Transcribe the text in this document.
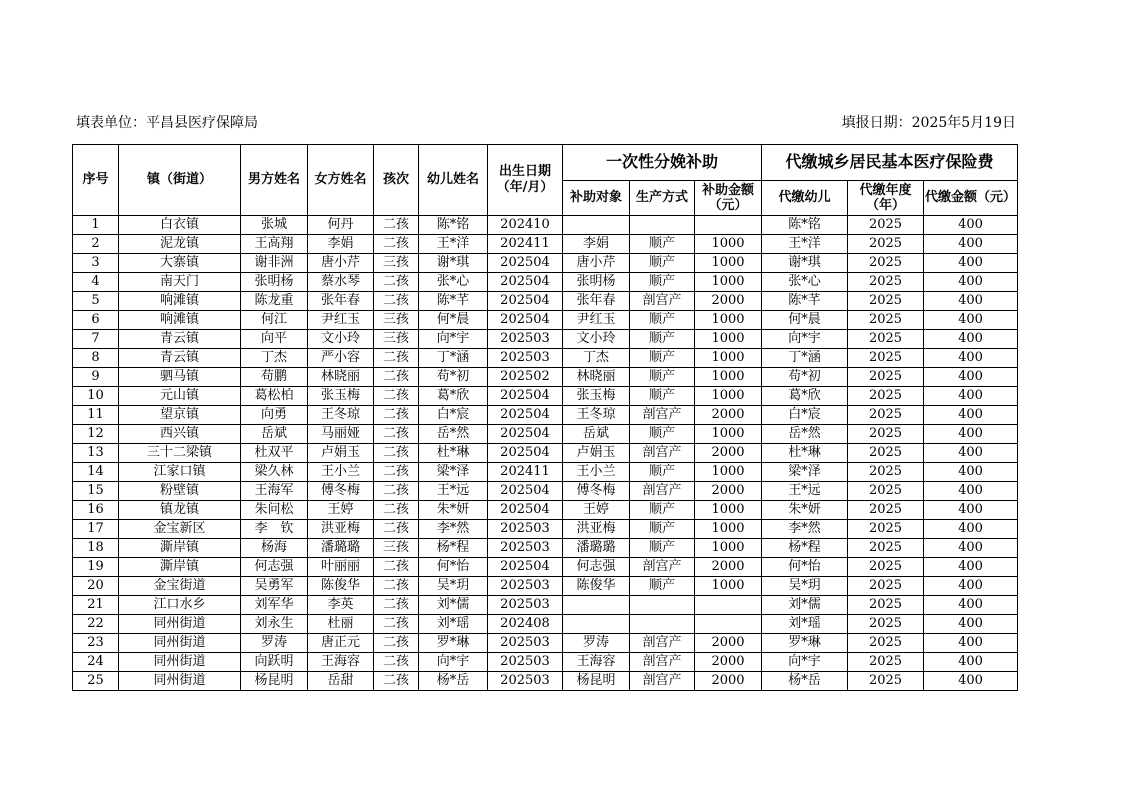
填表单位：平昌县医疗保障局	填报日期：2025年5月19日
序号	镇（街道）	男方姓名	女方姓名	孩次	幼儿姓名	出生日期（年/月）	一次性分娩补助			代缴城乡居民基本医疗保险费		
							补助对象	生产方式	补助金额（元）	代缴幼儿	代缴年度（年）	代缴金额（元）
1	白衣镇	张城	何丹	二孩	陈*铭	202410				陈*铭	2025	400
2	泥龙镇	王高翔	李娟	二孩	王*洋	202411	李娟	顺产	1000	王*洋	2025	400
3	大寨镇	谢非洲	唐小芹	三孩	谢*琪	202504	唐小芹	顺产	1000	谢*琪	2025	400
4	南天门	张明杨	蔡水琴	二孩	张*心	202504	张明杨	顺产	1000	张*心	2025	400
5	响滩镇	陈龙重	张年春	二孩	陈*芊	202504	张年春	剖宫产	2000	陈*芊	2025	400
6	响滩镇	何江	尹红玉	三孩	何*晨	202504	尹红玉	顺产	1000	何*晨	2025	400
7	青云镇	向平	文小玲	三孩	向*宇	202503	文小玲	顺产	1000	向*宇	2025	400
8	青云镇	丁杰	严小容	二孩	丁*涵	202503	丁杰	顺产	1000	丁*涵	2025	400
9	驷马镇	苟鹏	林晓丽	二孩	苟*初	202502	林晓丽	顺产	1000	苟*初	2025	400
10	元山镇	葛松柏	张玉梅	二孩	葛*欣	202504	张玉梅	顺产	1000	葛*欣	2025	400
11	望京镇	向勇	王冬琼	二孩	白*宸	202504	王冬琼	剖宫产	2000	白*宸	2025	400
12	西兴镇	岳斌	马丽娅	二孩	岳*然	202504	岳斌	顺产	1000	岳*然	2025	400
13	三十二梁镇	杜双平	卢娟玉	二孩	杜*琳	202504	卢娟玉	剖宫产	2000	杜*琳	2025	400
14	江家口镇	梁久林	王小兰	二孩	梁*泽	202411	王小兰	顺产	1000	梁*泽	2025	400
15	粉壁镇	王海军	傅冬梅	二孩	王*远	202504	傅冬梅	剖宫产	2000	王*远	2025	400
16	镇龙镇	朱问松	王婷	二孩	朱*妍	202504	王婷	顺产	1000	朱*妍	2025	400
17	金宝新区	李　钦	洪亚梅	二孩	李*然	202503	洪亚梅	顺产	1000	李*然	2025	400
18	澌岸镇	杨海	潘璐璐	三孩	杨*程	202503	潘璐璐	顺产	1000	杨*程	2025	400
19	澌岸镇	何志强	叶丽丽	二孩	何*怡	202504	何志强	剖宫产	2000	何*怡	2025	400
20	金宝街道	吴勇军	陈俊华	二孩	吴*玥	202503	陈俊华	顺产	1000	吴*玥	2025	400
21	江口水乡	刘军华	李英	二孩	刘*儒	202503				刘*儒	2025	400
22	同州街道	刘永生	杜丽	二孩	刘*瑶	202408				刘*瑶	2025	400
23	同州街道	罗涛	唐正元	二孩	罗*琳	202503	罗涛	剖宫产	2000	罗*琳	2025	400
24	同州街道	向跃明	王海容	二孩	向*宇	202503	王海容	剖宫产	2000	向*宇	2025	400
25	同州街道	杨昆明	岳甜	二孩	杨*岳	202503	杨昆明	剖宫产	2000	杨*岳	2025	400
